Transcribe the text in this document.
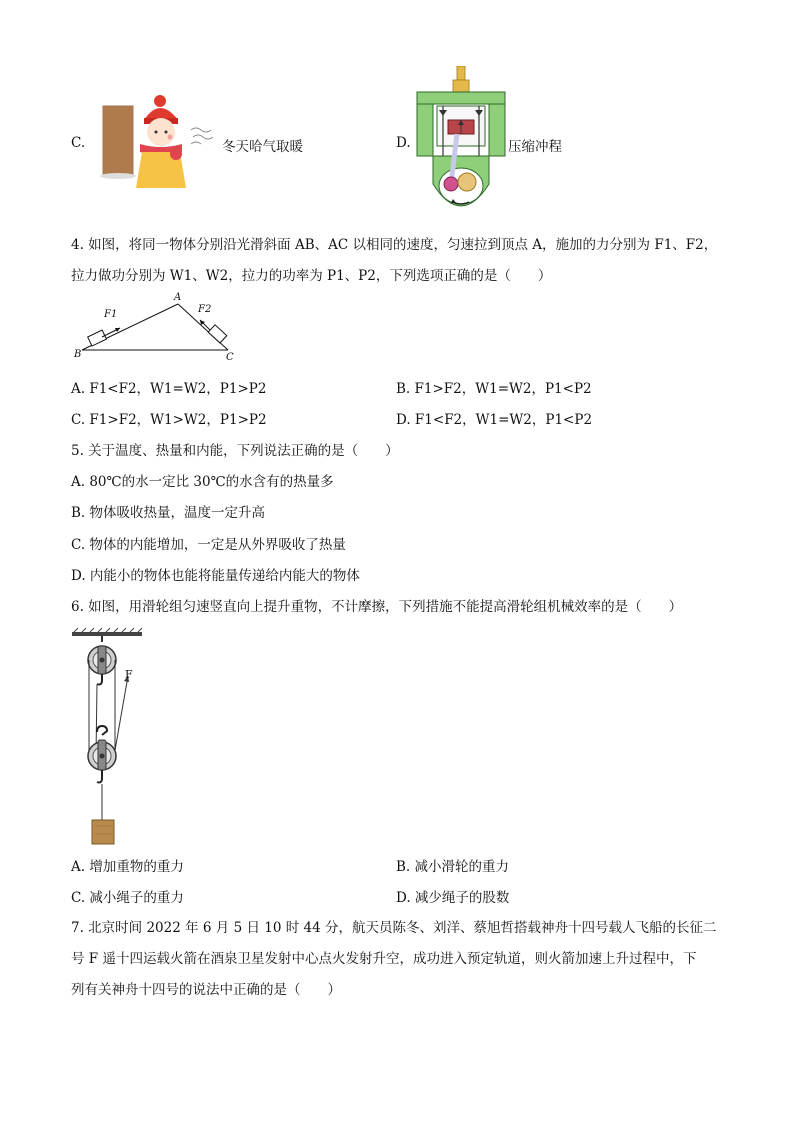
C.	冬天哈气取暖	D.	压缩冲程
4. 如图，将同一物体分别沿光滑斜面 AB、AC 以相同的速度，匀速拉到顶点 A，施加的力分别为 F1、F2，
拉力做功分别为 W1、W2，拉力的功率为 P1、P2，下列选项正确的是（　　）
A
B	C
F1	F2
A. F1<F2，W1=W2，P1>P2	B. F1>F2，W1=W2，P1<P2
C. F1>F2，W1>W2，P1>P2	D. F1<F2，W1=W2，P1<P2
5. 关于温度、热量和内能，下列说法正确的是（　　）
A. 80℃的水一定比 30℃的水含有的热量多
B. 物体吸收热量，温度一定升高
C. 物体的内能增加，一定是从外界吸收了热量
D. 内能小的物体也能将能量传递给内能大的物体
6. 如图，用滑轮组匀速竖直向上提升重物，不计摩擦，下列措施不能提高滑轮组机械效率的是（　　）
F
A. 增加重物的重力	B. 减小滑轮的重力
C. 减小绳子的重力	D. 减少绳子的股数
7. 北京时间 2022 年 6 月 5 日 10 时 44 分，航天员陈冬、刘洋、蔡旭哲搭载神舟十四号载人飞船的长征二
号 F 遥十四运载火箭在酒泉卫星发射中心点火发射升空，成功进入预定轨道，则火箭加速上升过程中，下
列有关神舟十四号的说法中正确的是（　　）
